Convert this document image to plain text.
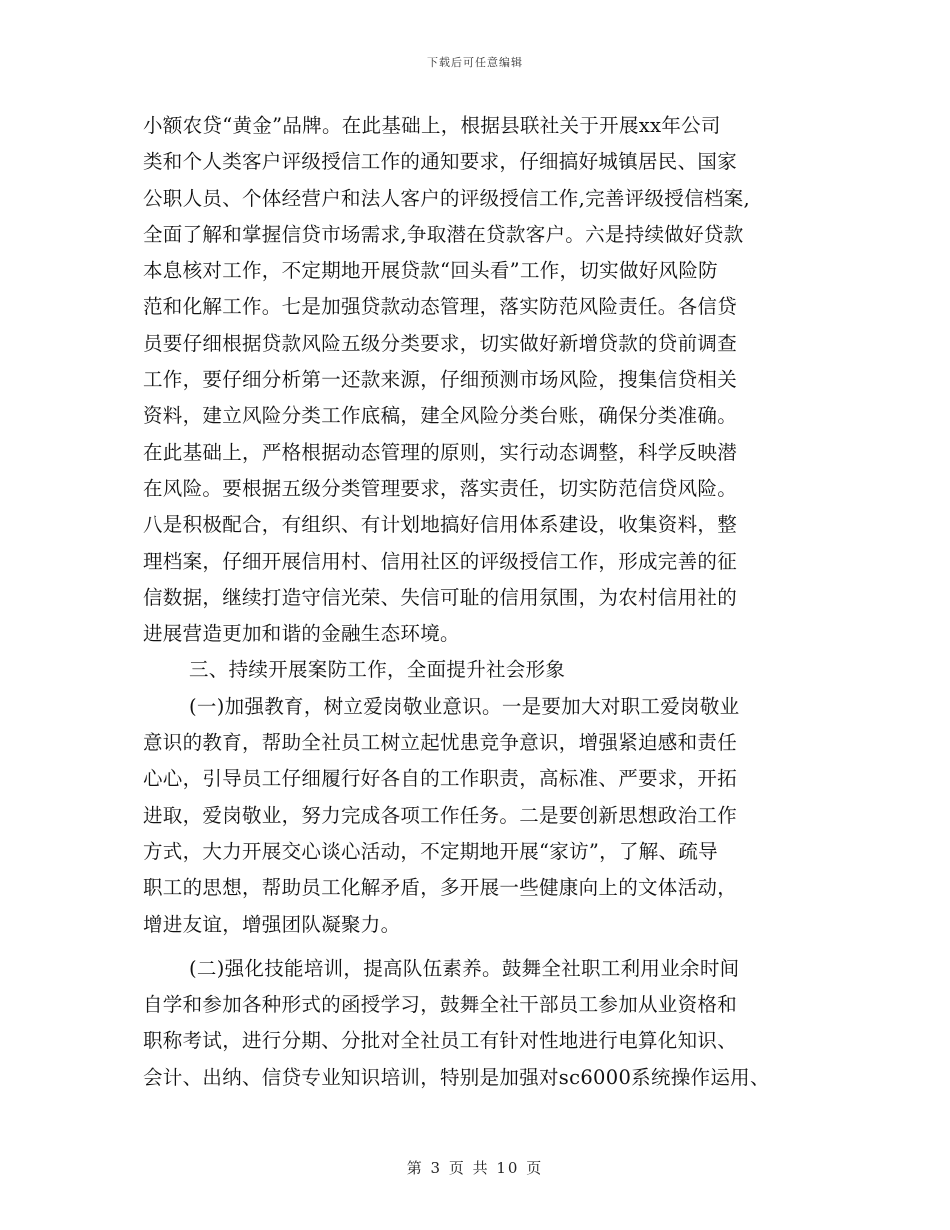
下载后可任意编辑
小额农贷“黄金”品牌。在此基础上，根据县联社关于开展xx年公司
类和个人类客户评级授信工作的通知要求，仔细搞好城镇居民、国家
公职人员、个体经营户和法人客户的评级授信工作,完善评级授信档案,
全面了解和掌握信贷市场需求,争取潜在贷款客户。六是持续做好贷款
本息核对工作，不定期地开展贷款“回头看”工作，切实做好风险防
范和化解工作。七是加强贷款动态管理，落实防范风险责任。各信贷
员要仔细根据贷款风险五级分类要求，切实做好新增贷款的贷前调查
工作，要仔细分析第一还款来源，仔细预测市场风险，搜集信贷相关
资料，建立风险分类工作底稿，建全风险分类台账，确保分类准确。
在此基础上，严格根据动态管理的原则，实行动态调整，科学反映潜
在风险。要根据五级分类管理要求，落实责任，切实防范信贷风险。
八是积极配合，有组织、有计划地搞好信用体系建设，收集资料，整
理档案，仔细开展信用村、信用社区的评级授信工作，形成完善的征
信数据，继续打造守信光荣、失信可耻的信用氛围，为农村信用社的
进展营造更加和谐的金融生态环境。
三、持续开展案防工作，全面提升社会形象
(一)加强教育，树立爱岗敬业意识。一是要加大对职工爱岗敬业
意识的教育，帮助全社员工树立起忧患竞争意识，增强紧迫感和责任
心心，引导员工仔细履行好各自的工作职责，高标准、严要求，开拓
进取，爱岗敬业，努力完成各项工作任务。二是要创新思想政治工作
方式，大力开展交心谈心活动，不定期地开展“家访”，了解、疏导
职工的思想，帮助员工化解矛盾，多开展一些健康向上的文体活动，
增进友谊，增强团队凝聚力。
(二)强化技能培训，提高队伍素养。鼓舞全社职工利用业余时间
自学和参加各种形式的函授学习，鼓舞全社干部员工参加从业资格和
职称考试，进行分期、分批对全社员工有针对性地进行电算化知识、
会计、出纳、信贷专业知识培训，特别是加强对sc6000系统操作运用、
第 3 页 共 10 页
